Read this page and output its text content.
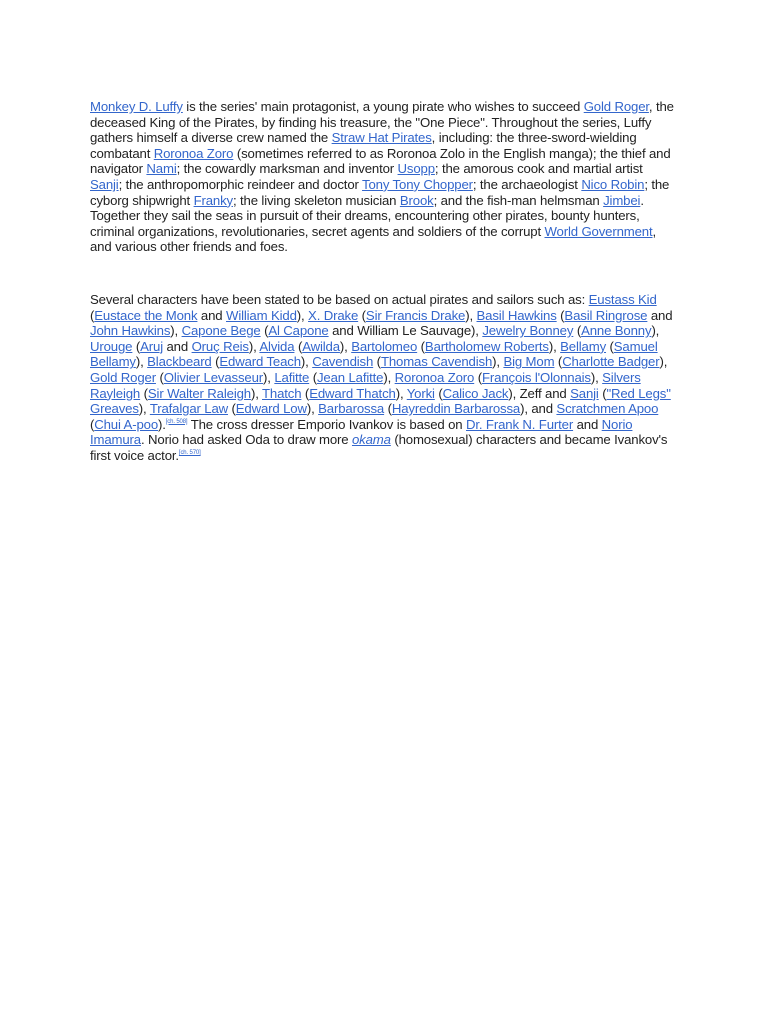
Monkey D. Luffy is the series' main protagonist, a young pirate who wishes to succeed Gold Roger, the deceased King of the Pirates, by finding his treasure, the "One Piece". Throughout the series, Luffy gathers himself a diverse crew named the Straw Hat Pirates, including: the three-sword-wielding combatant Roronoa Zoro (sometimes referred to as Roronoa Zolo in the English manga); the thief and navigator Nami; the cowardly marksman and inventor Usopp; the amorous cook and martial artist Sanji; the anthropomorphic reindeer and doctor Tony Tony Chopper; the archaeologist Nico Robin; the cyborg shipwright Franky; the living skeleton musician Brook; and the fish-man helmsman Jimbei. Together they sail the seas in pursuit of their dreams, encountering other pirates, bounty hunters, criminal organizations, revolutionaries, secret agents and soldiers of the corrupt World Government, and various other friends and foes.

Several characters have been stated to be based on actual pirates and sailors such as: Eustass Kid (Eustace the Monk and William Kidd), X. Drake (Sir Francis Drake), Basil Hawkins (Basil Ringrose and John Hawkins), Capone Bege (Al Capone and William Le Sauvage), Jewelry Bonney (Anne Bonny), Urouge (Aruj and Oruç Reis), Alvida (Awilda), Bartolomeo (Bartholomew Roberts), Bellamy (Samuel Bellamy), Blackbeard (Edward Teach), Cavendish (Thomas Cavendish), Big Mom (Charlotte Badger), Gold Roger (Olivier Levasseur), Lafitte (Jean Lafitte), Roronoa Zoro (François l'Olonnais), Silvers Rayleigh (Sir Walter Raleigh), Thatch (Edward Thatch), Yorki (Calico Jack), Zeff and Sanji ("Red Legs" Greaves), Trafalgar Law (Edward Low), Barbarossa (Hayreddin Barbarossa), and Scratchmen Apoo (Chui A-poo).[ch. 508] The cross dresser Emporio Ivankov is based on Dr. Frank N. Furter and Norio Imamura. Norio had asked Oda to draw more okama (homosexual) characters and became Ivankov's first voice actor.[ch. 570]
